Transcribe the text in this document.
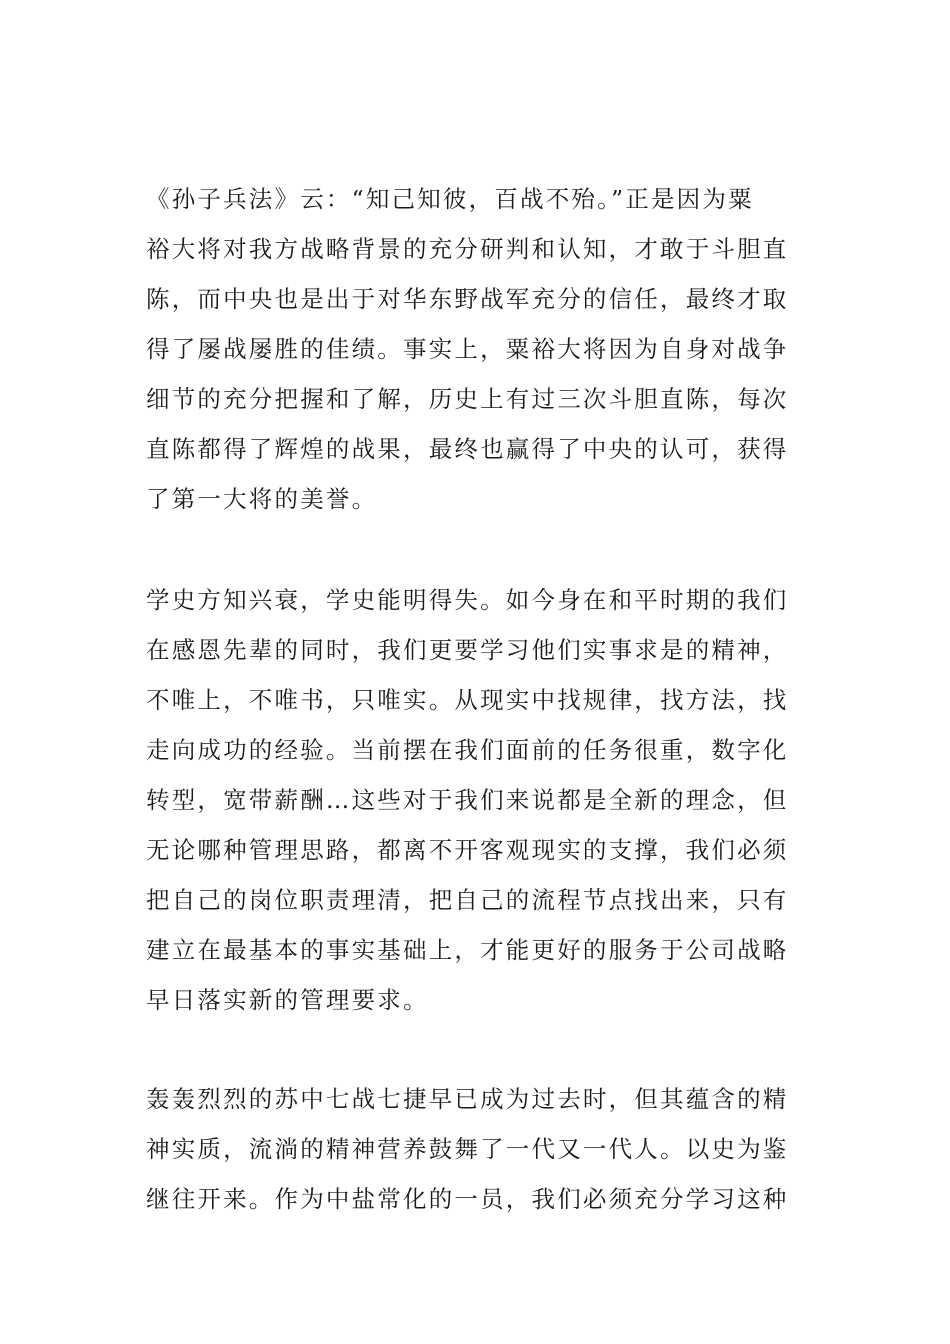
《孙子兵法》云：“知己知彼，百战不殆。”正是因为粟
裕大将对我方战略背景的充分研判和认知，才敢于斗胆直
陈，而中央也是出于对华东野战军充分的信任，最终才取
得了屡战屡胜的佳绩。事实上，粟裕大将因为自身对战争
细节的充分把握和了解，历史上有过三次斗胆直陈，每次
直陈都得了辉煌的战果，最终也赢得了中央的认可，获得
了第一大将的美誉。
学史方知兴衰，学史能明得失。如今身在和平时期的我们
在感恩先辈的同时，我们更要学习他们实事求是的精神，
不唯上，不唯书，只唯实。从现实中找规律，找方法，找
走向成功的经验。当前摆在我们面前的任务很重，数字化
转型，宽带薪酬…这些对于我们来说都是全新的理念，但
无论哪种管理思路，都离不开客观现实的支撑，我们必须
把自己的岗位职责理清，把自己的流程节点找出来，只有
建立在最基本的事实基础上，才能更好的服务于公司战略
早日落实新的管理要求。
轰轰烈烈的苏中七战七捷早已成为过去时，但其蕴含的精
神实质，流淌的精神营养鼓舞了一代又一代人。以史为鉴
继往开来。作为中盐常化的一员，我们必须充分学习这种
